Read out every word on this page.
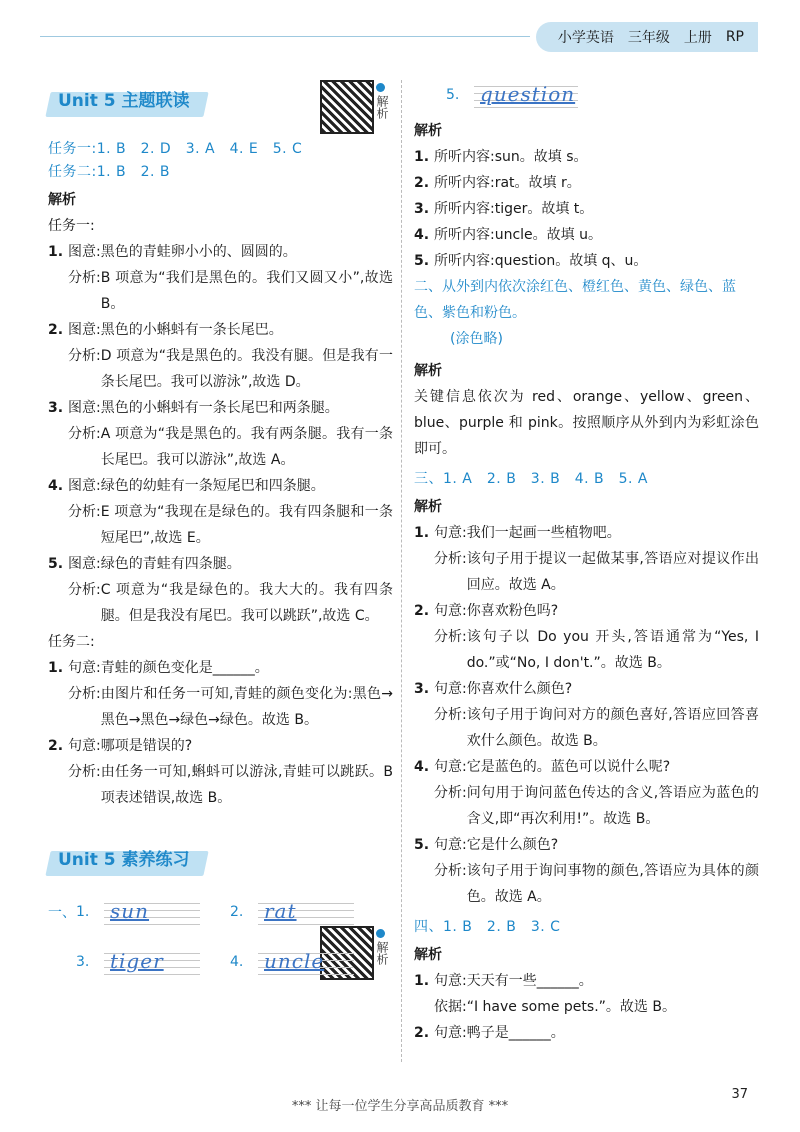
小学英语 三年级 上册 RP
解析
解析
Unit 5 主题联读
任务一:1. B　2. D　3. A　4. E　5. C
任务二:1. B　2. B
解析
任务一:
1. 图意:黑色的青蛙卵小小的、圆圆的。
分析: B 项意为“我们是黑色的。我们又圆又小”,故选 B。
2. 图意:黑色的小蝌蚪有一条长尾巴。
分析: D 项意为“我是黑色的。我没有腿。但是我有一条长尾巴。我可以游泳”,故选 D。
3. 图意:黑色的小蝌蚪有一条长尾巴和两条腿。
分析: A 项意为“我是黑色的。我有两条腿。我有一条长尾巴。我可以游泳”,故选 A。
4. 图意:绿色的幼蛙有一条短尾巴和四条腿。
分析: E 项意为“我现在是绿色的。我有四条腿和一条短尾巴”,故选 E。
5. 图意:绿色的青蛙有四条腿。
分析: C 项意为“我是绿色的。我大大的。我有四条腿。但是我没有尾巴。我可以跳跃”,故选 C。
任务二:
1. 句意:青蛙的颜色变化是______。
分析: 由图片和任务一可知,青蛙的颜色变化为:黑色→黑色→黑色→绿色→绿色。故选 B。
2. 句意:哪项是错误的?
分析: 由任务一可知,蝌蚪可以游泳,青蛙可以跳跃。B 项表述错误,故选 B。
Unit 5 素养练习
一、 1.	sun	2.	rat
3.	tiger	4.	uncle
5.	question
解析
1. 所听内容:sun。故填 s。
2. 所听内容:rat。故填 r。
3. 所听内容:tiger。故填 t。
4. 所听内容:uncle。故填 u。
5. 所听内容:question。故填 q、u。
二、从外到内依次涂红色、橙红色、黄色、绿色、蓝色、紫色和粉色。
(涂色略)
解析
关键信息依次为 red、orange、yellow、green、blue、purple 和 pink。按照顺序从外到内为彩虹涂色即可。
三、1. A　2. B　3. B　4. B　5. A
解析
1. 句意:我们一起画一些植物吧。
分析: 该句子用于提议一起做某事,答语应对提议作出回应。故选 A。
2. 句意:你喜欢粉色吗?
分析: 该句子以 Do you 开头,答语通常为“Yes, I do.”或“No, I don't.”。故选 B。
3. 句意:你喜欢什么颜色?
分析: 该句子用于询问对方的颜色喜好,答语应回答喜欢什么颜色。故选 B。
4. 句意:它是蓝色的。蓝色可以说什么呢?
分析: 问句用于询问蓝色传达的含义,答语应为蓝色的含义,即“再次利用!”。故选 B。
5. 句意:它是什么颜色?
分析: 该句子用于询问事物的颜色,答语应为具体的颜色。故选 A。
四、1. B　2. B　3. C
解析
1. 句意:天天有一些______。
依据:“I have some pets.”。故选 B。
2. 句意:鸭子是______。
37
*** 让每一位学生分享高品质教育 ***
